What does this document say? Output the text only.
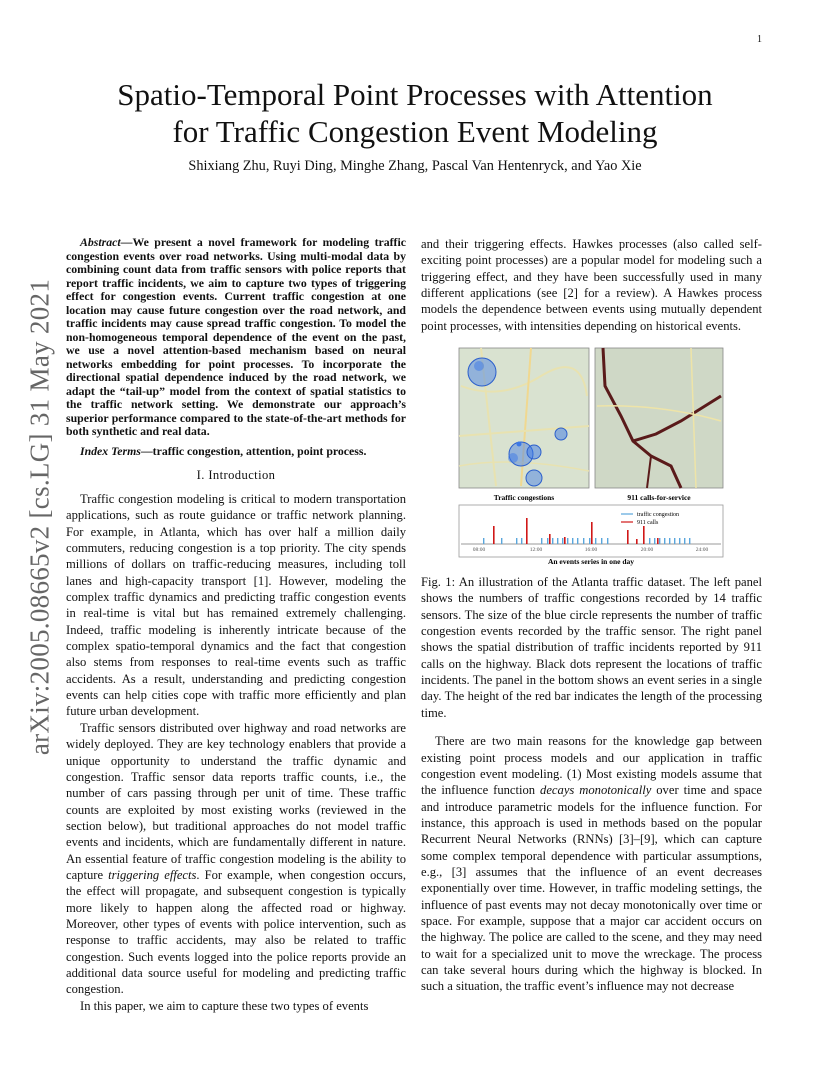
1
arXiv:2005.08665v2 [cs.LG] 31 May 2021
Spatio-Temporal Point Processes with Attention
for Traffic Congestion Event Modeling
Shixiang Zhu, Ruyi Ding, Minghe Zhang, Pascal Van Hentenryck, and Yao Xie

Abstract—We present a novel framework for modeling traffic congestion events over road networks. Using multi-modal data by combining count data from traffic sensors with police reports that report traffic incidents, we aim to capture two types of triggering effect for congestion events. Current traffic congestion at one location may cause future congestion over the road network, and traffic incidents may cause spread traffic congestion. To model the non-homogeneous temporal dependence of the event on the past, we use a novel attention-based mechanism based on neural networks embedding for point processes. To incorporate the directional spatial dependence induced by the road network, we adapt the “tail-up” model from the context of spatial statistics to the traffic network setting. We demonstrate our approach’s superior performance compared to the state-of-the-art methods for both synthetic and real data.

Index Terms—traffic congestion, attention, point process.

I. Introduction

Traffic congestion modeling is critical to modern transportation applications, such as route guidance or traffic network planning. For example, in Atlanta, which has over half a million daily commuters, reducing congestion is a top priority. The city spends millions of dollars on traffic-reducing measures, including toll lanes and high-capacity transport [1]. However, modeling the complex traffic dynamics and predicting traffic congestion events in real-time is vital but has remained extremely challenging. Indeed, traffic modeling is inherently intricate because of the complex spatio-temporal dynamics and the fact that congestion also stems from responses to real-time events such as traffic accidents. As a result, understanding and predicting congestion events can help cities cope with traffic more efficiently and plan future urban development.

Traffic sensors distributed over highway and road networks are widely deployed. They are key technology enablers that provide a unique opportunity to understand the traffic dynamic and congestion. Traffic sensor data reports traffic counts, i.e., the number of cars passing through per unit of time. These traffic counts are exploited by most existing works (reviewed in the section below), but traditional approaches do not model traffic events and incidents, which are fundamentally different in nature. An essential feature of traffic congestion modeling is the ability to capture triggering effects. For example, when congestion occurs, the effect will propagate, and subsequent congestion is typically more likely to happen along the affected road or highway. Moreover, other types of events with police intervention, such as response to traffic accidents, may also be related to traffic congestion. Such events logged into the police reports provide an additional data source useful for modeling and predicting traffic congestion.

In this paper, we aim to capture these two types of events

and their triggering effects. Hawkes processes (also called self-exciting point processes) are a popular model for modeling such a triggering effect, and they have been successfully used in many different applications (see [2] for a review). A Hawkes process models the dependence between events using mutually dependent point processes, with intensities depending on historical events.

Traffic congestions	911 calls-for-service
traffic congestion
911 calls
08:00	12:00	16:00	20:00	24:00
An events series in one day

Fig. 1: An illustration of the Atlanta traffic dataset. The left panel shows the numbers of traffic congestions recorded by 14 traffic sensors. The size of the blue circle represents the number of traffic congestion events recorded by the traffic sensor. The right panel shows the spatial distribution of traffic incidents reported by 911 calls on the highway. Black dots represent the locations of traffic incidents. The panel in the bottom shows an event series in a single day. The height of the red bar indicates the length of the processing time.

There are two main reasons for the knowledge gap between existing point process models and our application in traffic congestion event modeling. (1) Most existing models assume that the influence function decays monotonically over time and space and introduce parametric models for the influence function. For instance, this approach is used in methods based on the popular Recurrent Neural Networks (RNNs) [3]–[9], which can capture some complex temporal dependence with particular assumptions, e.g., [3] assumes that the influence of an event decreases exponentially over time. However, in traffic modeling settings, the influence of past events may not decay monotonically over time or space. For example, suppose that a major car accident occurs on the highway. The police are called to the scene, and they may need to wait for a specialized unit to move the wreckage. The process can take several hours during which the highway is blocked. In such a situation, the traffic event’s influence may not decrease
